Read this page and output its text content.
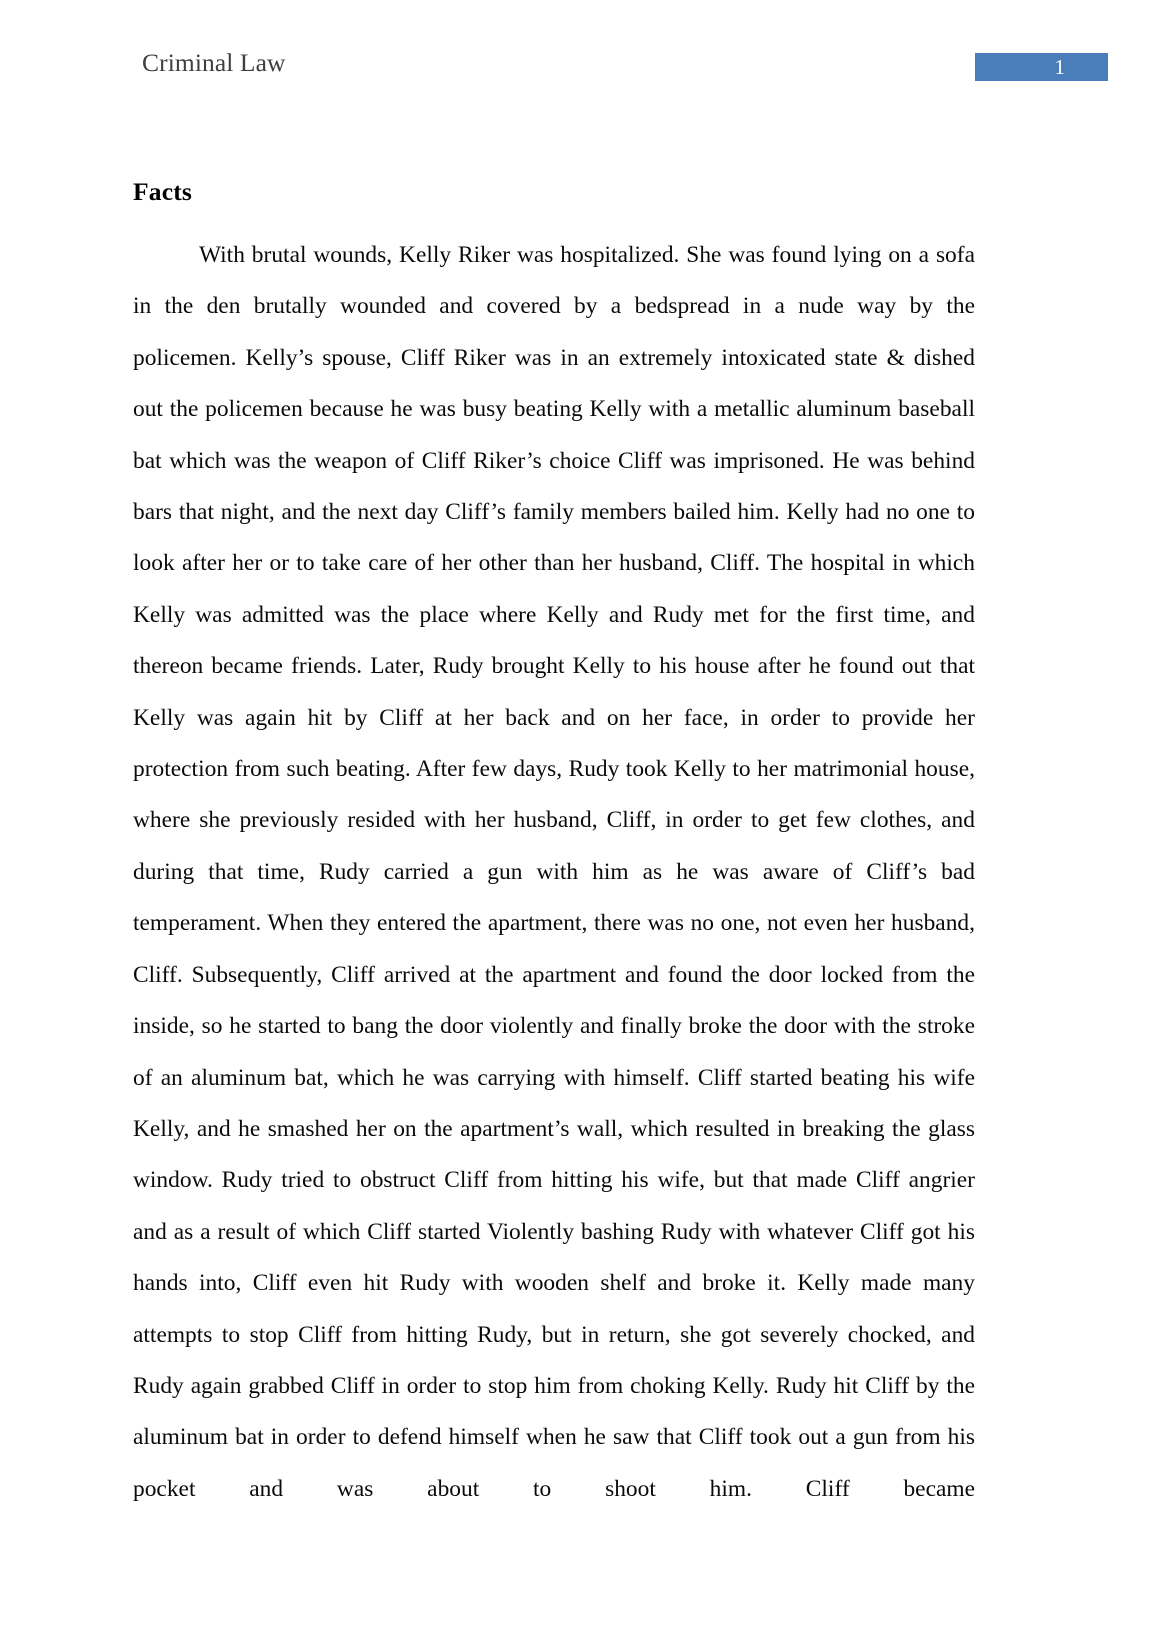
Criminal Law	1
Facts

With brutal wounds, Kelly Riker was hospitalized. She was found lying on a sofa in the den brutally wounded and covered by a bedspread in a nude way by the policemen. Kelly’s spouse, Cliff Riker was in an extremely intoxicated state & dished out the policemen because he was busy beating Kelly with a metallic aluminum baseball bat which was the weapon of Cliff Riker’s choice Cliff was imprisoned. He was behind bars that night, and the next day Cliff’s family members bailed him. Kelly had no one to look after her or to take care of her other than her husband, Cliff. The hospital in which Kelly was admitted was the place where Kelly and Rudy met for the first time, and thereon became friends. Later, Rudy brought Kelly to his house after he found out that Kelly was again hit by Cliff at her back and on her face, in order to provide her protection from such beating. After few days, Rudy took Kelly to her matrimonial house, where she previously resided with her husband, Cliff, in order to get few clothes, and during that time, Rudy carried a gun with him as he was aware of Cliff’s bad temperament. When they entered the apartment, there was no one, not even her husband, Cliff. Subsequently, Cliff arrived at the apartment and found the door locked from the inside, so he started to bang the door violently and finally broke the door with the stroke of an aluminum bat, which he was carrying with himself. Cliff started beating his wife Kelly, and he smashed her on the apartment’s wall, which resulted in breaking the glass window. Rudy tried to obstruct Cliff from hitting his wife, but that made Cliff angrier and as a result of which Cliff started Violently bashing Rudy with whatever Cliff got his hands into, Cliff even hit Rudy with wooden shelf and broke it. Kelly made many attempts to stop Cliff from hitting Rudy, but in return, she got severely chocked, and Rudy again grabbed Cliff in order to stop him from choking Kelly. Rudy hit Cliff by the aluminum bat in order to defend himself when he saw that Cliff took out a gun from his pocket and was about to shoot him. Cliff became
